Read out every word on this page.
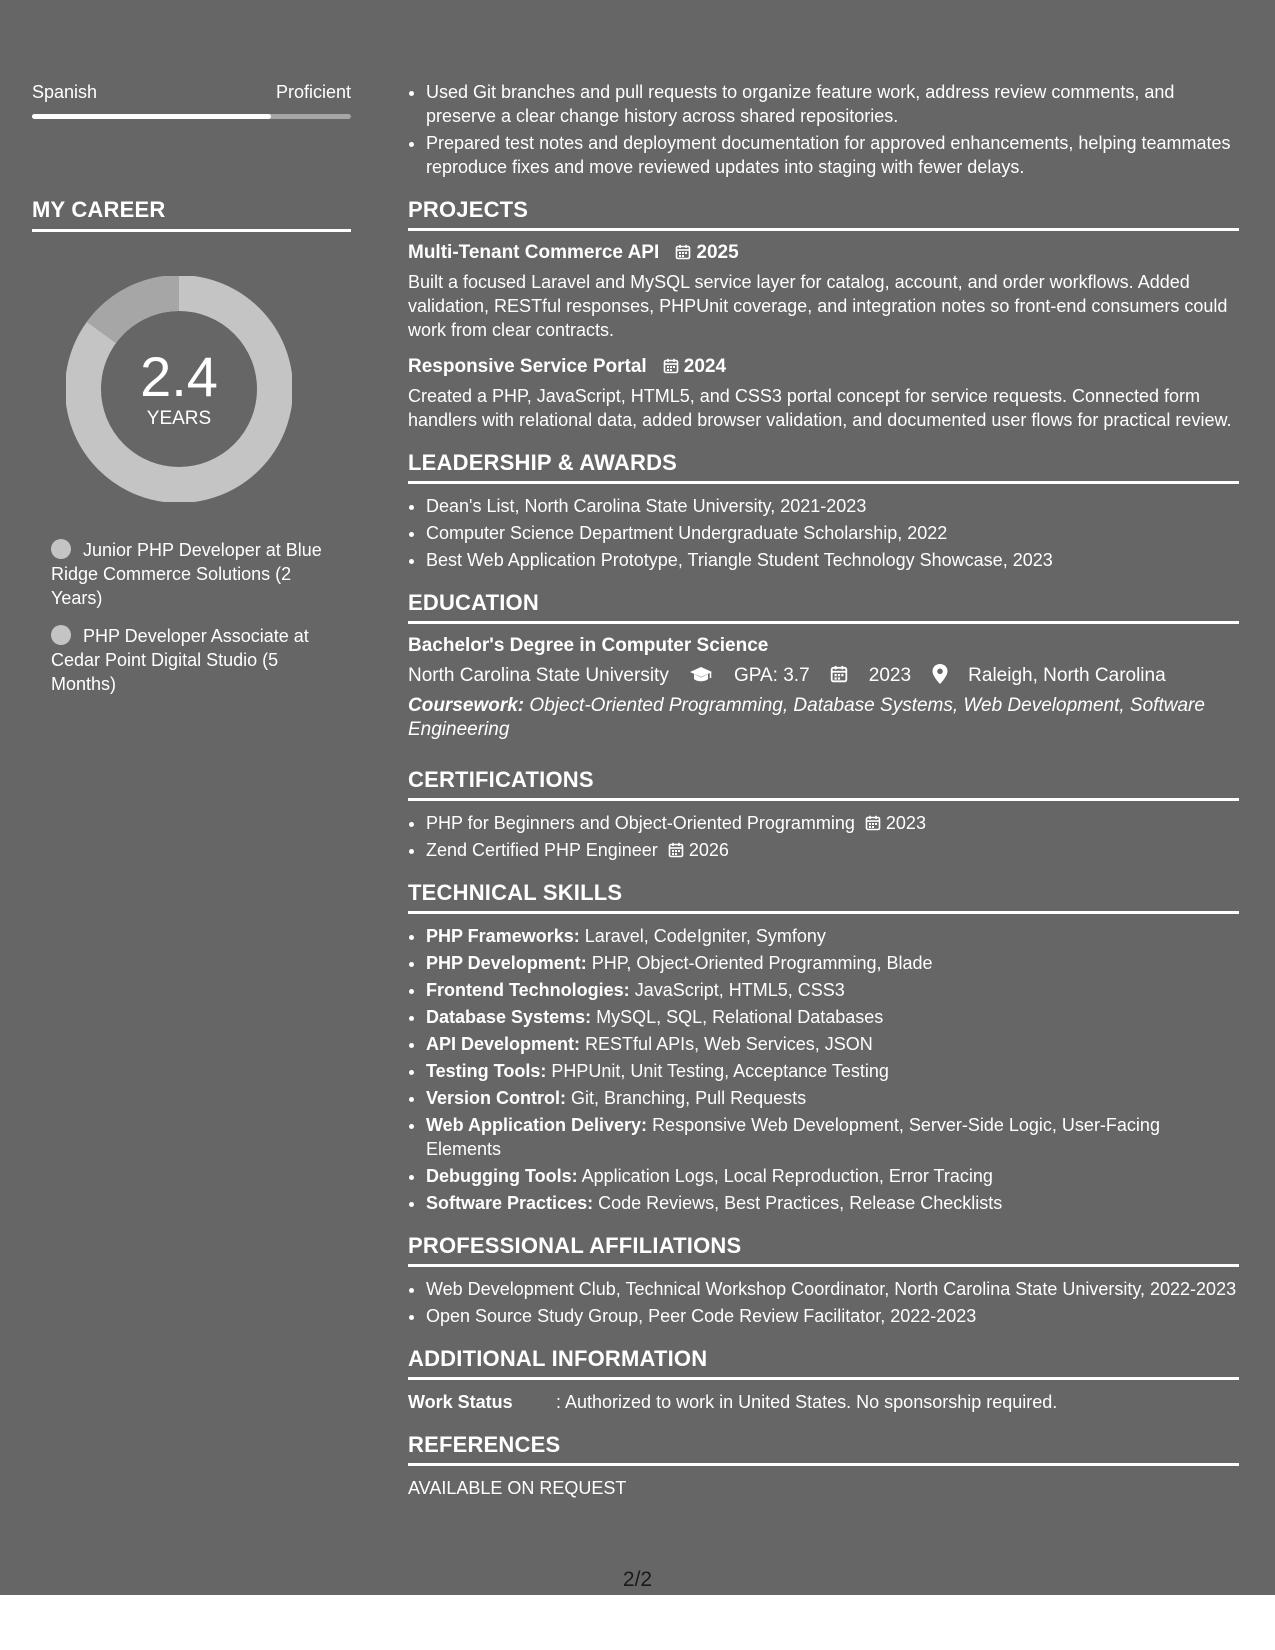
Spanish	Proficient
MY CAREER
2.4
YEARS
Junior PHP Developer at Blue Ridge Commerce Solutions (2 Years)
PHP Developer Associate at Cedar Point Digital Studio (5 Months)
• Used Git branches and pull requests to organize feature work, address review comments, and preserve a clear change history across shared repositories.
• Prepared test notes and deployment documentation for approved enhancements, helping teammates reproduce fixes and move reviewed updates into staging with fewer delays.
PROJECTS
Multi-Tenant Commerce API 2025
Built a focused Laravel and MySQL service layer for catalog, account, and order workflows. Added validation, RESTful responses, PHPUnit coverage, and integration notes so front-end consumers could work from clear contracts.
Responsive Service Portal 2024
Created a PHP, JavaScript, HTML5, and CSS3 portal concept for service requests. Connected form handlers with relational data, added browser validation, and documented user flows for practical review.
LEADERSHIP & AWARDS
• Dean's List, North Carolina State University, 2021-2023
• Computer Science Department Undergraduate Scholarship, 2022
• Best Web Application Prototype, Triangle Student Technology Showcase, 2023
EDUCATION
Bachelor's Degree in Computer Science
North Carolina State University	GPA: 3.7	2023	Raleigh, North Carolina
Coursework: Object-Oriented Programming, Database Systems, Web Development, Software Engineering
CERTIFICATIONS
• PHP for Beginners and Object-Oriented Programming 2023
• Zend Certified PHP Engineer 2026
TECHNICAL SKILLS
• PHP Frameworks: Laravel, CodeIgniter, Symfony
• PHP Development: PHP, Object-Oriented Programming, Blade
• Frontend Technologies: JavaScript, HTML5, CSS3
• Database Systems: MySQL, SQL, Relational Databases
• API Development: RESTful APIs, Web Services, JSON
• Testing Tools: PHPUnit, Unit Testing, Acceptance Testing
• Version Control: Git, Branching, Pull Requests
• Web Application Delivery: Responsive Web Development, Server-Side Logic, User-Facing Elements
• Debugging Tools: Application Logs, Local Reproduction, Error Tracing
• Software Practices: Code Reviews, Best Practices, Release Checklists
PROFESSIONAL AFFILIATIONS
• Web Development Club, Technical Workshop Coordinator, North Carolina State University, 2022-2023
• Open Source Study Group, Peer Code Review Facilitator, 2022-2023
ADDITIONAL INFORMATION
Work Status	: Authorized to work in United States. No sponsorship required.
REFERENCES
AVAILABLE ON REQUEST
2/2
